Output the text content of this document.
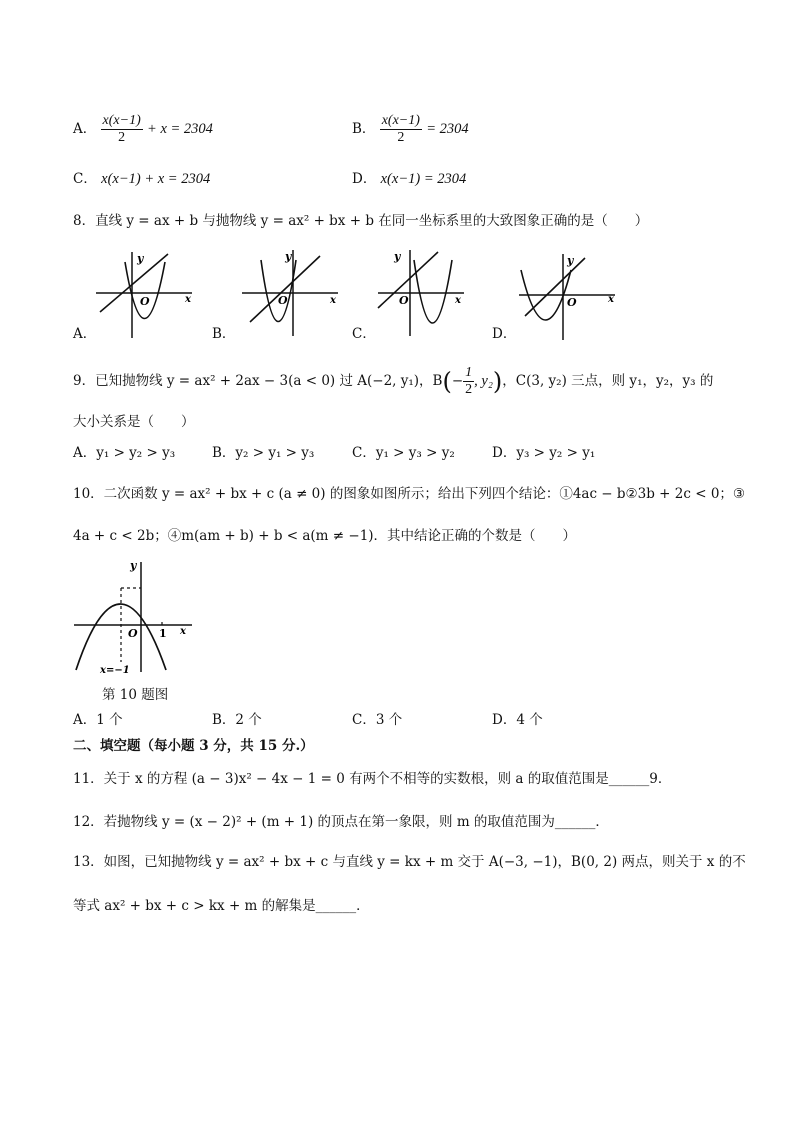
A． $\frac{x(x-1)}{2} + x = 2304$	B． $\frac{x(x-1)}{2} = 2304$
C． x(x−1) + x = 2304	D． x(x−1) = 2304
8．直线 y = ax + b 与抛物线 y = ax² + bx + b 在同一坐标系里的大致图象正确的是（　　）
y
O	x
A．
y
O	x
B．
y
O	x
C．
y
O	x
D．
9．已知抛物线 y = ax² + 2ax − 3(a < 0) 过 A(−2, y₁)，$B(- \frac{1}{2}$ , y₂)，C(3, y₂) 三点，则 y₁，y₂，y₃ 的
大小关系是（　　）
A．y₁ > y₂ > y₃	B．y₂ > y₁ > y₃	C．y₁ > y₃ > y₂	D．y₃ > y₂ > y₁
10．二次函数 y = ax² + bx + c (a ≠ 0) 的图象如图所示；给出下列四个结论：①4ac − b②3b + 2c < 0；③
4a + c < 2b；④m(am + b) + b < a(m ≠ −1)．其中结论正确的个数是（　　）
y
O 1 x
x=−1
第 10 题图
A．1 个	B．2 个	C．3 个	D．4 个
二、填空题（每小题 3 分，共 15 分.）
11．关于 x 的方程 (a − 3)x² − 4x − 1 = 0 有两个不相等的实数根，则 a 的取值范围是______9．
12．若抛物线 y = (x − 2)² + (m + 1) 的顶点在第一象限，则 m 的取值范围为______．
13．如图，已知抛物线 y = ax² + bx + c 与直线 y = kx + m 交于 A(−3, −1)，B(0, 2) 两点，则关于 x 的不
等式 ax² + bx + c > kx + m 的解集是______．
